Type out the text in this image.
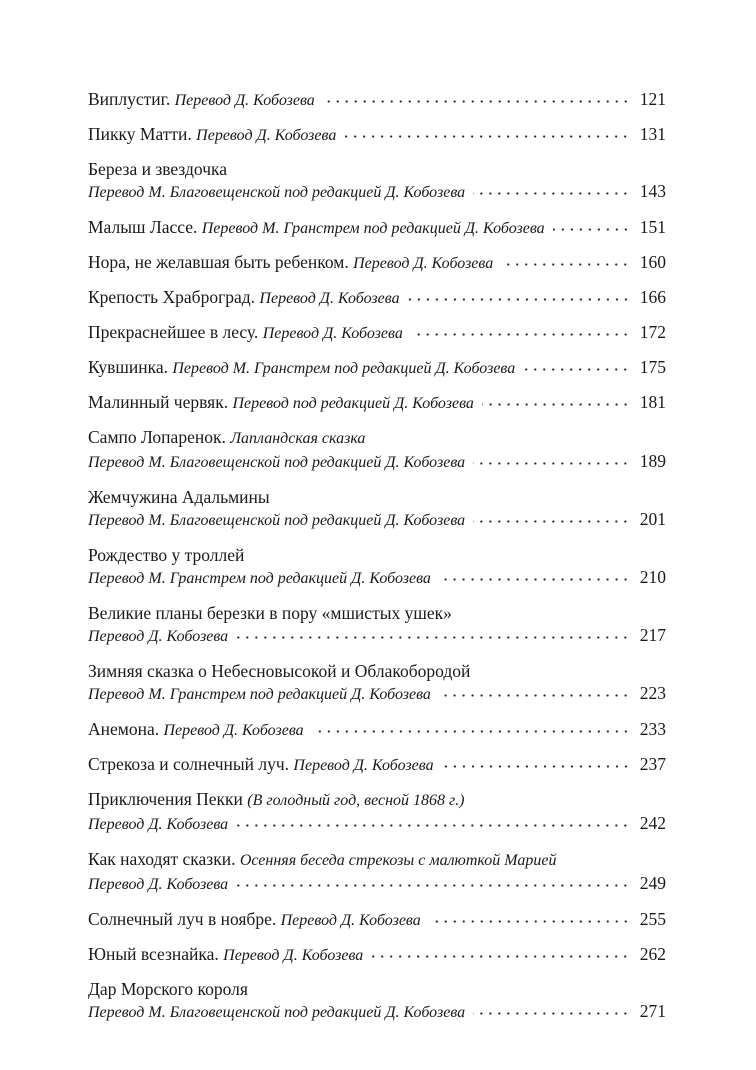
Виплустиг. Перевод Д. Кобозева	121
Пикку Матти. Перевод Д. Кобозева	131
Береза и звездочка
Перевод М. Благовещенской под редакцией Д. Кобозева	143
Малыш Лассе. Перевод М. Гранстрем под редакцией Д. Кобозева	151
Нора, не желавшая быть ребенком. Перевод Д. Кобозева	160
Крепость Храброград. Перевод Д. Кобозева	166
Прекраснейшее в лесу. Перевод Д. Кобозева	172
Кувшинка. Перевод М. Гранстрем под редакцией Д. Кобозева	175
Малинный червяк. Перевод под редакцией Д. Кобозева	181
Сампо Лопаренок. Лапландская сказка
Перевод М. Благовещенской под редакцией Д. Кобозева	189
Жемчужина Адальмины
Перевод М. Благовещенской под редакцией Д. Кобозева	201
Рождество у троллей
Перевод М. Гранстрем под редакцией Д. Кобозева	210
Великие планы березки в пору «мшистых ушек»
Перевод Д. Кобозева	217
Зимняя сказка о Небесновысокой и Облакобородой
Перевод М. Гранстрем под редакцией Д. Кобозева	223
Анемона. Перевод Д. Кобозева	233
Стрекоза и солнечный луч. Перевод Д. Кобозева	237
Приключения Пекки (В голодный год, весной 1868 г.)
Перевод Д. Кобозева	242
Как находят сказки. Осенняя беседа стрекозы с малюткой Марией
Перевод Д. Кобозева	249
Солнечный луч в ноябре. Перевод Д. Кобозева	255
Юный всезнайка. Перевод Д. Кобозева	262
Дар Морского короля
Перевод М. Благовещенской под редакцией Д. Кобозева	271
